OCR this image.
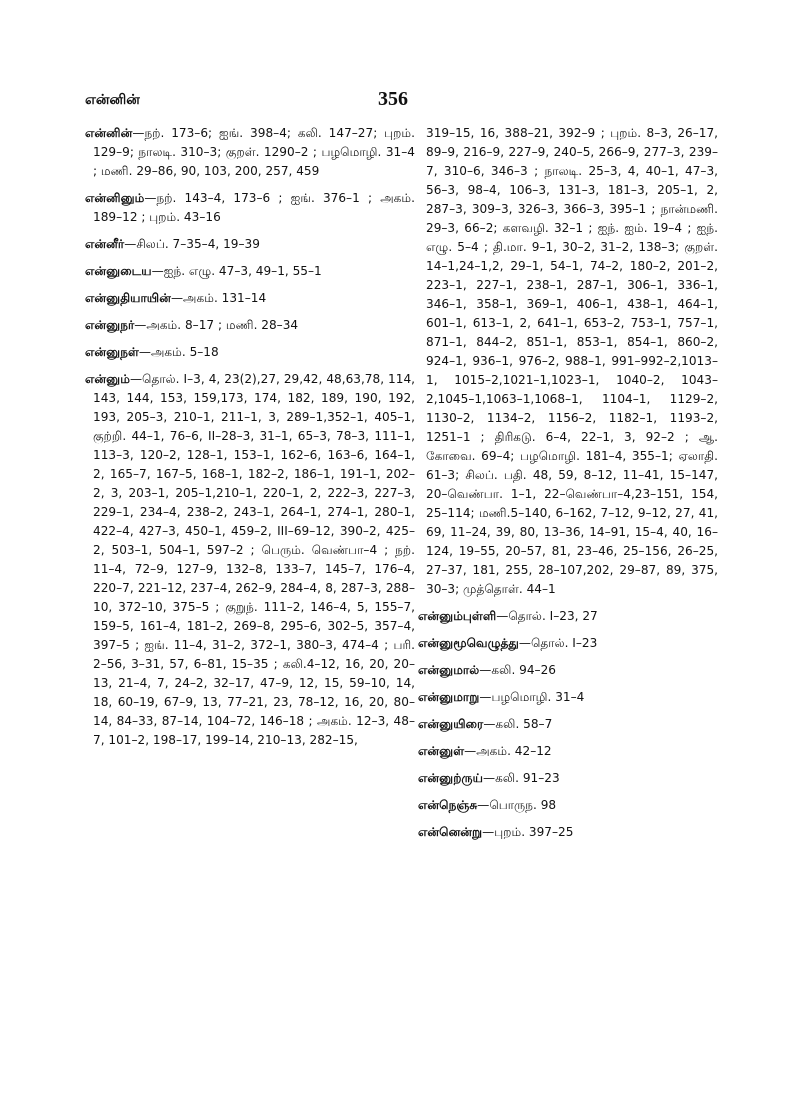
என்னின்	356
என்னின்—நற். 173–6; ஐங். 398–4; கலி. 147–27; புறம். 129–9; நாலடி. 310–3; குறள். 1290–2 ; பழமொழி. 31–4 ; மணி. 29–86, 90, 103, 200, 257, 459
என்னினும்—நற். 143–4, 173–6 ; ஐங். 376–1 ; அகம். 189–12 ; புறம். 43–16
என்னீர்—சிலப். 7–35–4, 19–39
என்னுடைய—ஐந். எழு. 47–3, 49–1, 55–1
என்னுதியாயின்—அகம். 131–14
என்னுநர்—அகம். 8–17 ; மணி. 28–34
என்னுநள்—அகம். 5–18
என்னும்—தொல். I–3, 4, 23(2),27, 29,42, 48,63,78, 114, 143, 144, 153, 159,173, 174, 182, 189, 190, 192, 193, 205–3, 210–1, 211–1, 3, 289–1,352–1, 405–1, குற்றி. 44–1, 76–6, II–28–3, 31–1, 65–3, 78–3, 111–1, 113–3, 120–2, 128–1, 153–1, 162–6, 163–6, 164–1, 2, 165–7, 167–5, 168–1, 182–2, 186–1, 191–1, 202–2, 3, 203–1, 205–1,210–1, 220–1, 2, 222–3, 227–3, 229–1, 234–4, 238–2, 243–1, 264–1, 274–1, 280–1, 422–4, 427–3, 450–1, 459–2, III–69–12, 390–2, 425–2, 503–1, 504–1, 597–2 ; பெரும். வெண்பா–4 ; நற். 11–4, 72–9, 127–9, 132–8, 133–7, 145–7, 176–4, 220–7, 221–12, 237–4, 262–9, 284–4, 8, 287–3, 288–10, 372–10, 375–5 ; குறுந். 111–2, 146–4, 5, 155–7, 159–5, 161–4, 181–2, 269–8, 295–6, 302–5, 357–4, 397–5 ; ஐங். 11–4, 31–2, 372–1, 380–3, 474–4 ; பரி. 2–56, 3–31, 57, 6–81, 15–35 ; கலி.4–12, 16, 20, 20–13, 21–4, 7, 24–2, 32–17, 47–9, 12, 15, 59–10, 14, 18, 60–19, 67–9, 13, 77–21, 23, 78–12, 16, 20, 80–14, 84–33, 87–14, 104–72, 146–18 ; அகம். 12–3, 48–7, 101–2, 198–17, 199–14, 210–13, 282–15,
319–15, 16, 388–21, 392–9 ; புறம். 8–3, 26–17, 89–9, 216–9, 227–9, 240–5, 266–9, 277–3, 239–7, 310–6, 346–3 ; நாலடி. 25–3, 4, 40–1, 47–3, 56–3, 98–4, 106–3, 131–3, 181–3, 205–1, 2, 287–3, 309–3, 326–3, 366–3, 395–1 ; நான்மணி. 29–3, 66–2; களவழி. 32–1 ; ஐந். ஐம். 19–4 ; ஐந். எழு. 5–4 ; தி.மா. 9–1, 30–2, 31–2, 138–3; குறள். 14–1,24–1,2, 29–1, 54–1, 74–2, 180–2, 201–2, 223–1, 227–1, 238–1, 287–1, 306–1, 336–1, 346–1, 358–1, 369–1, 406–1, 438–1, 464–1, 601–1, 613–1, 2, 641–1, 653–2, 753–1, 757–1, 871–1, 844–2, 851–1, 853–1, 854–1, 860–2, 924–1, 936–1, 976–2, 988–1, 991–992–2,1013–1, 1015–2,1021–1,1023–1, 1040–2, 1043–2,1045–1,1063–1,1068–1, 1104–1, 1129–2, 1130–2, 1134–2, 1156–2, 1182–1, 1193–2, 1251–1 ; திரிகடு. 6–4, 22–1, 3, 92–2 ; ஆ. கோவை. 69–4; பழமொழி. 181–4, 355–1; ஏலாதி. 61–3; சிலப். பதி. 48, 59, 8–12, 11–41, 15–147, 20–வெண்பா. 1–1, 22–வெண்பா–4,23–151, 154, 25–114; மணி.5–140, 6–162, 7–12, 9–12, 27, 41, 69, 11–24, 39, 80, 13–36, 14–91, 15–4, 40, 16–124, 19–55, 20–57, 81, 23–46, 25–156, 26–25, 27–37, 181, 255, 28–107,202, 29–87, 89, 375, 30–3; முத்தொள். 44–1
என்னும்புள்ளி—தொல். I–23, 27
என்னுமூவெழுத்து—தொல். I–23
என்னுமால்—கலி. 94–26
என்னுமாறு—பழமொழி. 31–4
என்னுயிரை—கலி. 58–7
என்னுள்—அகம். 42–12
என்னுற்ருய்—கலி. 91–23
என்நெஞ்சு—பொருந. 98
என்னென்று—புறம். 397–25
